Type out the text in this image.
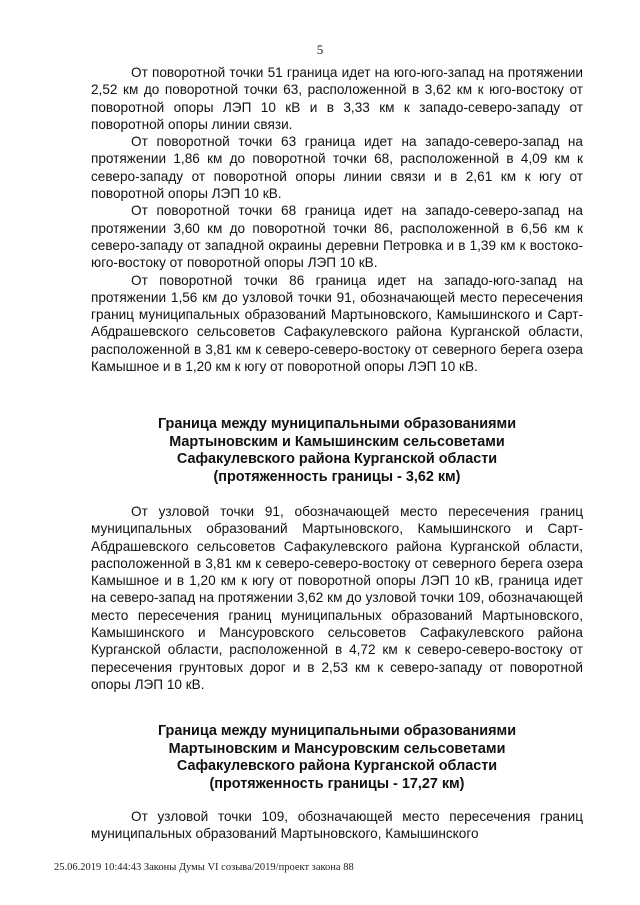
5

От поворотной точки 51 граница идет на юго-юго-запад на протяжении 2,52 км до поворотной точки 63, расположенной в 3,62 км к юго-востоку от поворотной опоры ЛЭП 10 кВ и в 3,33 км к западо-северо-западу от поворотной опоры линии связи.

От поворотной точки 63 граница идет на западо-северо-запад на протяжении 1,86 км до поворотной точки 68, расположенной в 4,09 км к северо-западу от поворотной опоры линии связи и в 2,61 км к югу от поворотной опоры ЛЭП 10 кВ.

От поворотной точки 68 граница идет на западо-северо-запад на протяжении 3,60 км до поворотной точки 86, расположенной в 6,56 км к северо-западу от западной окраины деревни Петровка и в 1,39 км к востоко-юго-востоку от поворотной опоры ЛЭП 10 кВ.

От поворотной точки 86 граница идет на западо-юго-запад на протяжении 1,56 км до узловой точки 91, обозначающей место пересечения границ муниципальных образований Мартыновского, Камышинского и Сарт-Абдрашевского сельсоветов Сафакулевского района Курганской области, расположенной в 3,81 км к северо-северо-востоку от северного берега озера Камышное и в 1,20 км к югу от поворотной опоры ЛЭП 10 кВ.

Граница между муниципальными образованиями
Мартыновским и Камышинским сельсоветами
Сафакулевского района Курганской области
(протяженность границы - 3,62 км)

От узловой точки 91, обозначающей место пересечения границ муниципальных образований Мартыновского, Камышинского и Сарт-Абдрашевского сельсоветов Сафакулевского района Курганской области, расположенной в 3,81 км к северо-северо-востоку от северного берега озера Камышное и в 1,20 км к югу от поворотной опоры ЛЭП 10 кВ, граница идет на северо-запад на протяжении 3,62 км до узловой точки 109, обозначающей место пересечения границ муниципальных образований Мартыновского, Камышинского и Мансуровского сельсоветов Сафакулевского района Курганской области, расположенной в 4,72 км к северо-северо-востоку от пересечения грунтовых дорог и в 2,53 км к северо-западу от поворотной опоры ЛЭП 10 кВ.

Граница между муниципальными образованиями
Мартыновским и Мансуровским сельсоветами
Сафакулевского района Курганской области
(протяженность границы - 17,27 км)

От узловой точки 109, обозначающей место пересечения границ муниципальных образований Мартыновского, Камышинского

25.06.2019 10:44:43 Законы Думы VI созыва/2019/проект закона 88
